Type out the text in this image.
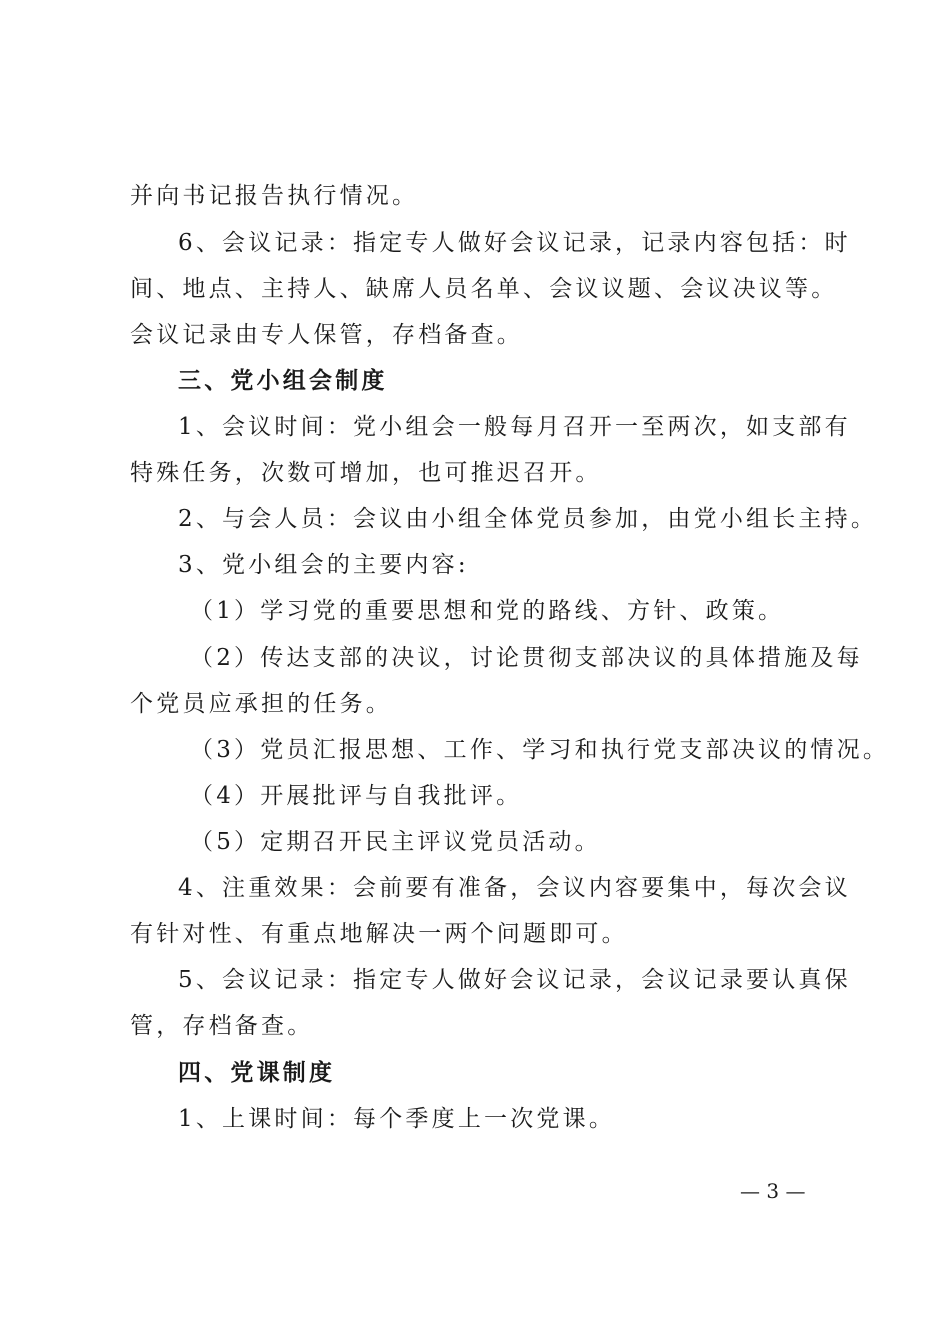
并向书记报告执行情况。
6、会议记录：指定专人做好会议记录，记录内容包括：时
间、地点、主持人、缺席人员名单、会议议题、会议决议等。
会议记录由专人保管，存档备查。
三、党小组会制度
1、会议时间：党小组会一般每月召开一至两次，如支部有
特殊任务，次数可增加，也可推迟召开。
2、与会人员：会议由小组全体党员参加，由党小组长主持。
3、党小组会的主要内容:
（1）学习党的重要思想和党的路线、方针、政策。
（2）传达支部的决议，讨论贯彻支部决议的具体措施及每
个党员应承担的任务。
（3）党员汇报思想、工作、学习和执行党支部决议的情况。
（4）开展批评与自我批评。
（5）定期召开民主评议党员活动。
4、注重效果：会前要有准备，会议内容要集中，每次会议
有针对性、有重点地解决一两个问题即可。
5、会议记录：指定专人做好会议记录，会议记录要认真保
管，存档备查。
四、党课制度
1、上课时间：每个季度上一次党课。
— 3 —
